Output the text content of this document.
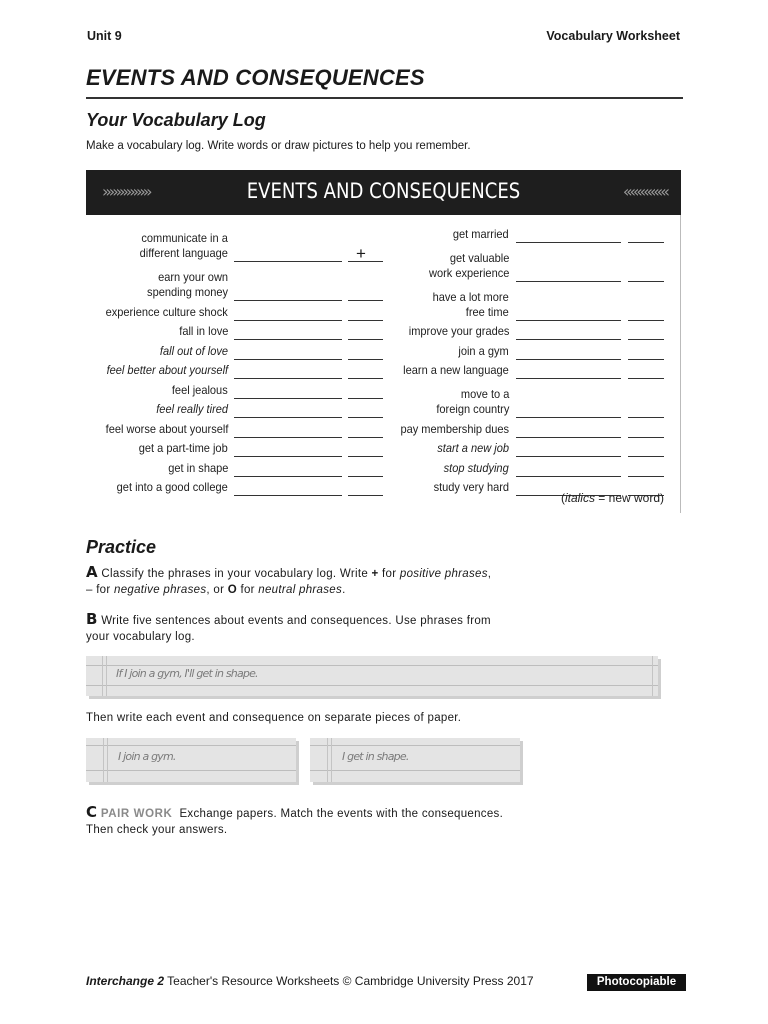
Unit 9	Vocabulary Worksheet
EVENTS AND CONSEQUENCES
Your Vocabulary Log
Make a vocabulary log. Write words or draw pictures to help you remember.
››››››››››››››	EVENTS AND CONSEQUENCES	‹‹‹‹‹‹‹‹‹‹‹‹‹
communicate in a
different language	+
earn your own
spending money
experience culture shock
fall in love
fall out of love
feel better about yourself
feel jealous
feel really tired
feel worse about yourself
get a part-time job
get in shape
get into a good college
get married
get valuable
work experience
have a lot more
free time
improve your grades
join a gym
learn a new language
move to a
foreign country
pay membership dues
start a new job
stop studying
study very hard
(italics = new word)
Practice
A Classify the phrases in your vocabulary log. Write + for positive phrases,
– for negative phrases, or O for neutral phrases.
B Write five sentences about events and consequences. Use phrases from
your vocabulary log.
If I join a gym, I'll get in shape.
Then write each event and consequence on separate pieces of paper.
I join a gym.	I get in shape.
C PAIR WORK  Exchange papers. Match the events with the consequences.
Then check your answers.
Interchange 2 Teacher's Resource Worksheets © Cambridge University Press 2017	Photocopiable
